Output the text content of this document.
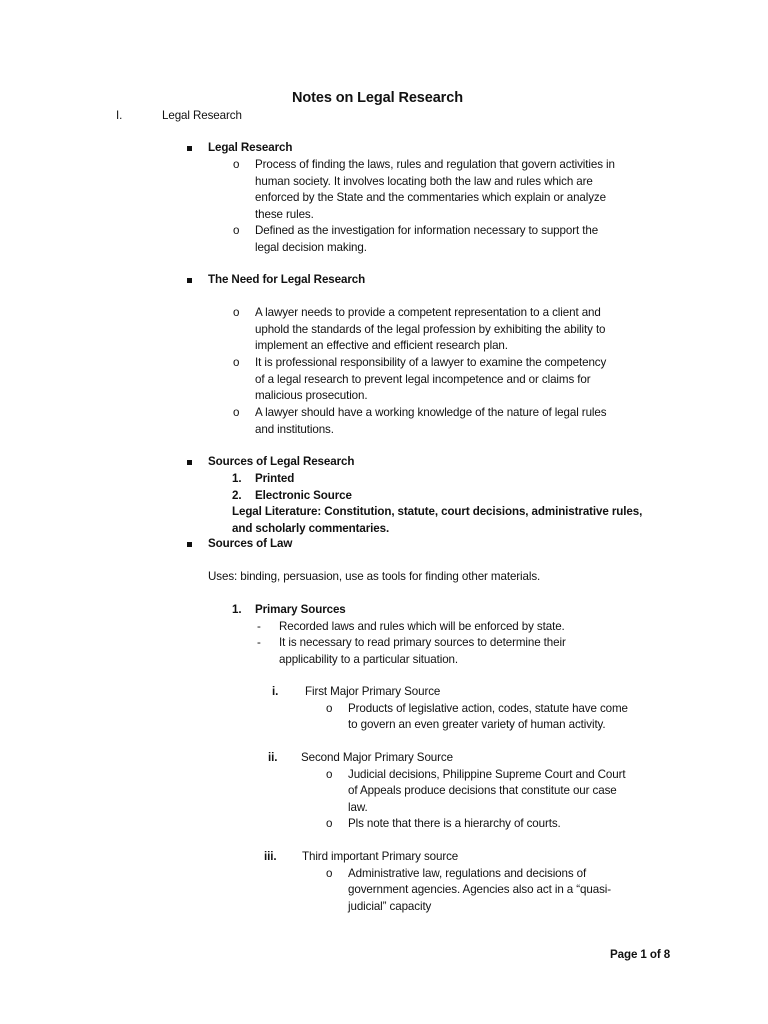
Notes on Legal Research
I.	Legal Research
Legal Research
o Process of finding the laws, rules and regulation that govern activities in
human society. It involves locating both the law and rules which are
enforced by the State and the commentaries which explain or analyze
these rules.
o Defined as the investigation for information necessary to support the
legal decision making.
The Need for Legal Research
o A lawyer needs to provide a competent representation to a client and
uphold the standards of the legal profession by exhibiting the ability to
implement an effective and efficient research plan.
o It is professional responsibility of a lawyer to examine the competency
of a legal research to prevent legal incompetence and or claims for
malicious prosecution.
o A lawyer should have a working knowledge of the nature of legal rules
and institutions.
Sources of Legal Research
1. Printed
2. Electronic Source
Legal Literature: Constitution, statute, court decisions, administrative rules,
and scholarly commentaries.
Sources of Law
Uses: binding, persuasion, use as tools for finding other materials.
1. Primary Sources
- Recorded laws and rules which will be enforced by state.
- It is necessary to read primary sources to determine their
applicability to a particular situation.
i. First Major Primary Source
o Products of legislative action, codes, statute have come
to govern an even greater variety of human activity.
ii. Second Major Primary Source
o Judicial decisions, Philippine Supreme Court and Court
of Appeals produce decisions that constitute our case
law.
o Pls note that there is a hierarchy of courts.
iii. Third important Primary source
o Administrative law, regulations and decisions of
government agencies. Agencies also act in a “quasi-
judicial” capacity
Page 1 of 8
